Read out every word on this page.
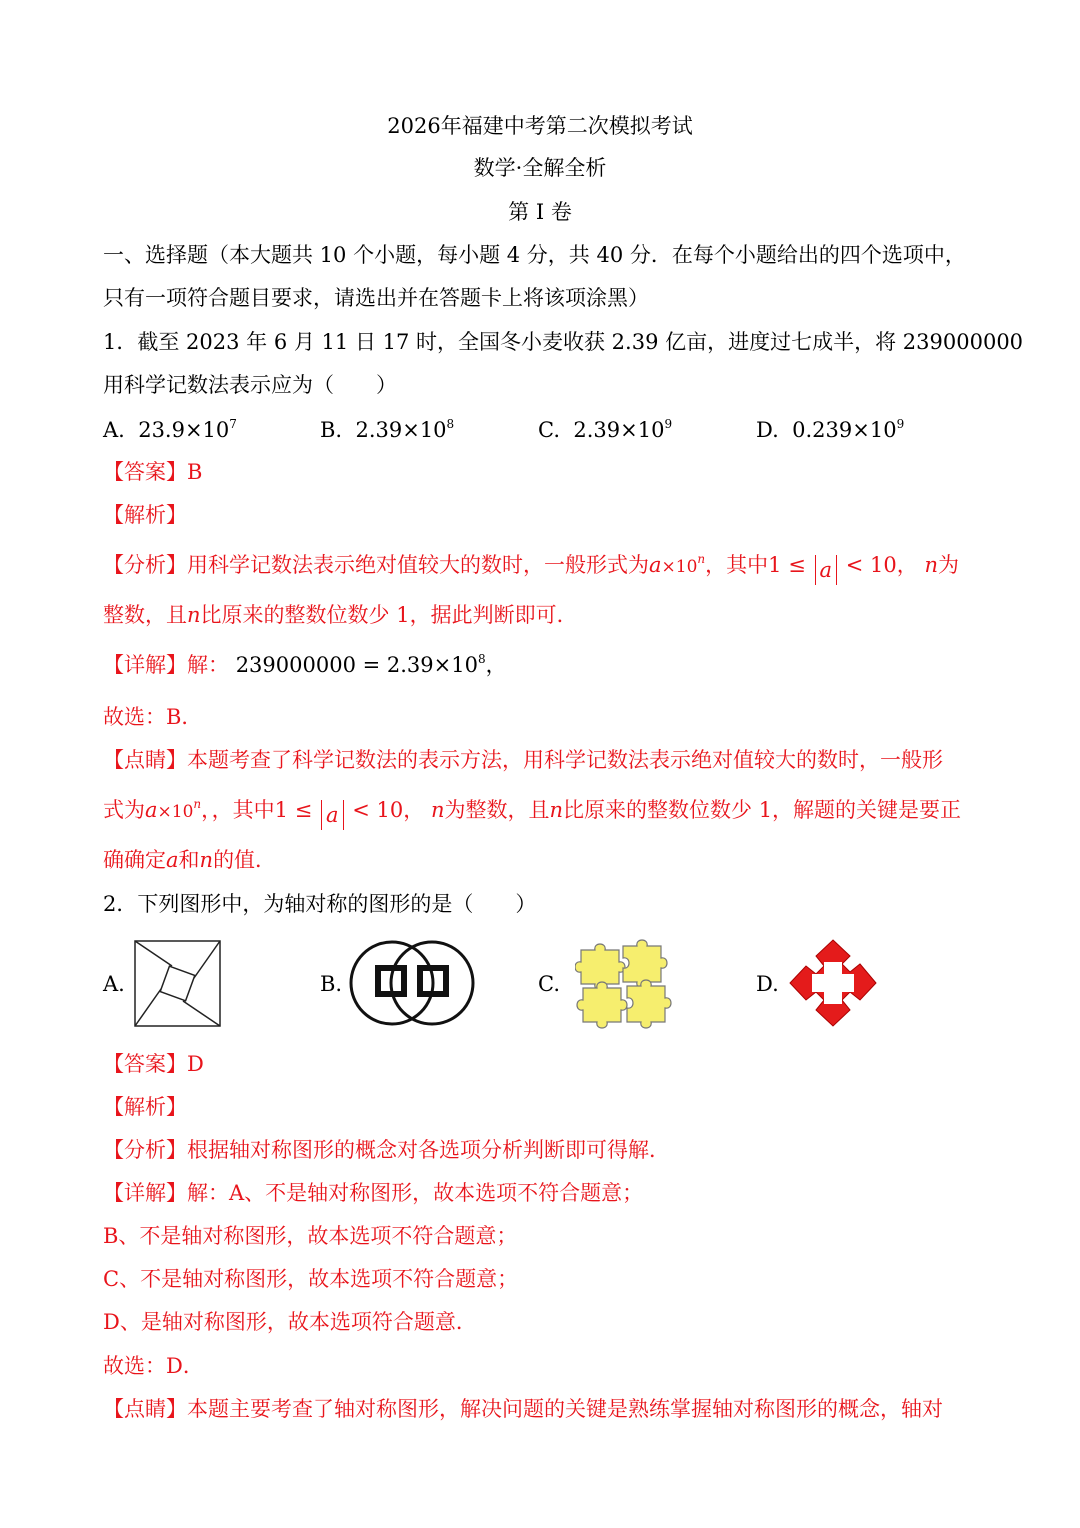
2026年福建中考第二次模拟考试
数学·全解全析
第 I 卷
一、选择题（本大题共 10 个小题，每小题 4 分，共 40 分．在每个小题给出的四个选项中，
只有一项符合题目要求，请选出并在答题卡上将该项涂黑）
1．截至 2023 年 6 月 11 日 17 时，全国冬小麦收获 2.39 亿亩，进度过七成半，将 239000000
用科学记数法表示应为（　　）
A. $23.9\times 10^7$	B. $2.39\times 10^8$	C. $2.39\times 10^9$	D. $0.239\times 10^9$
【答案】B
【解析】
【分析】用科学记数法表示绝对值较大的数时，一般形式为$a\times 10^n$，其中1 ≤ a < 10， n为
整数，且n比原来的整数位数少 1，据此判断即可．
【详解】解： $239000000 = 2.39\times 10^8$，
故选：B．
【点睛】本题考查了科学记数法的表示方法，用科学记数法表示绝对值较大的数时，一般形
式为$a\times 10^n$，，其中1 ≤ a < 10， n为整数，且n比原来的整数位数少 1，解题的关键是要正
确确定a和n的值．
2．下列图形中，为轴对称的图形的是（　　）
A.	B.	C.	D.
【答案】D
【解析】
【分析】根据轴对称图形的概念对各选项分析判断即可得解．
【详解】解：A、不是轴对称图形，故本选项不符合题意；
B、不是轴对称图形，故本选项不符合题意；
C、不是轴对称图形，故本选项不符合题意；
D、是轴对称图形，故本选项符合题意．
故选：D．
【点睛】本题主要考查了轴对称图形，解决问题的关键是熟练掌握轴对称图形的概念，轴对
